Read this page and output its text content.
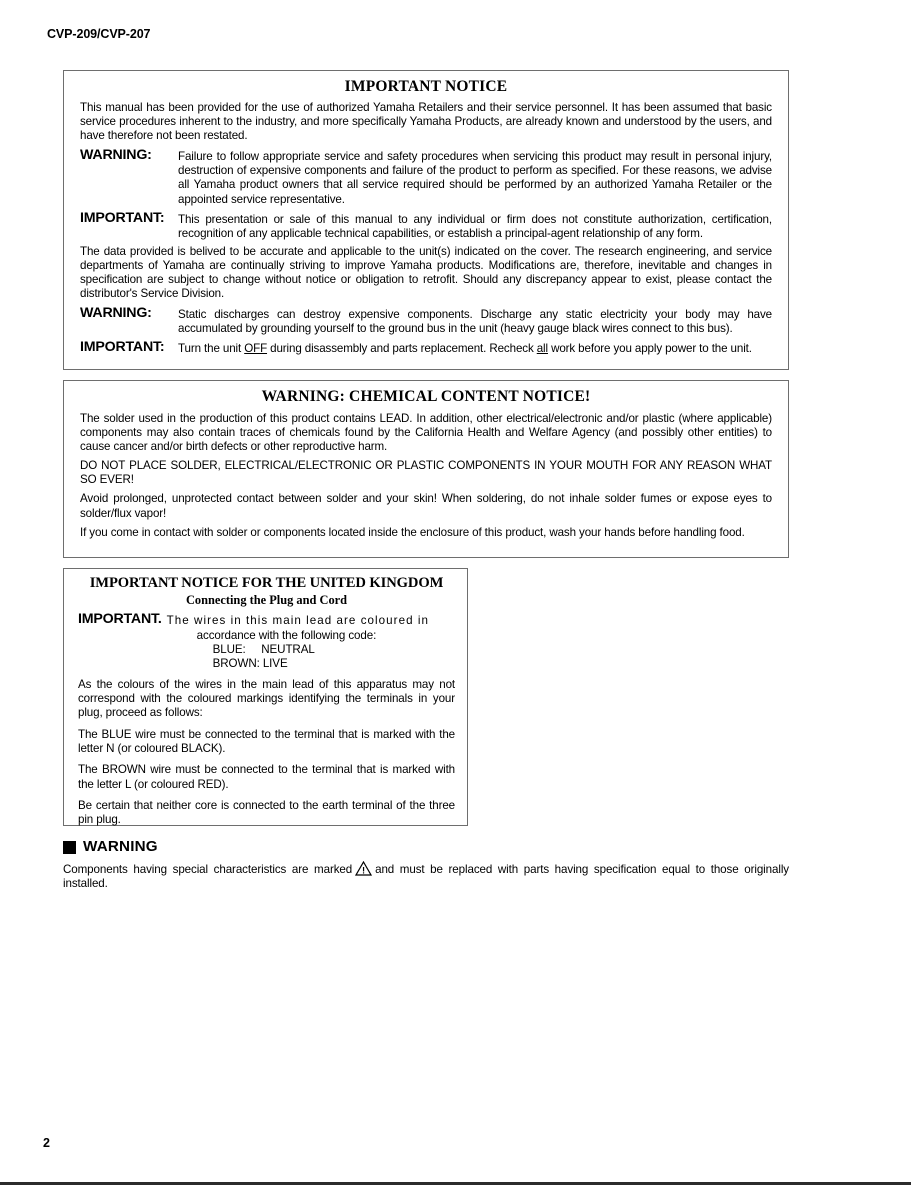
CVP-209/CVP-207
IMPORTANT NOTICE

This manual has been provided for the use of authorized Yamaha Retailers and their service personnel. It has been assumed that basic service procedures inherent to the industry, and more specifically Yamaha Products, are already known and understood by the users, and have therefore not been restated.

WARNING:	Failure to follow appropriate service and safety procedures when servicing this product may result in personal injury, destruction of expensive components and failure of the product to perform as specified. For these reasons, we advise all Yamaha product owners that all service required should be performed by an authorized Yamaha Retailer or the appointed service representative.
IMPORTANT:	This presentation or sale of this manual to any individual or firm does not constitute authorization, certification, recognition of any applicable technical capabilities, or establish a principal-agent relationship of any form.

The data provided is belived to be accurate and applicable to the unit(s) indicated on the cover. The research engineering, and service departments of Yamaha are continually striving to improve Yamaha products. Modifications are, therefore, inevitable and changes in specification are subject to change without notice or obligation to retrofit. Should any discrepancy appear to exist, please contact the distributor's Service Division.

WARNING:	Static discharges can destroy expensive components. Discharge any static electricity your body may have accumulated by grounding yourself to the ground bus in the unit (heavy gauge black wires connect to this bus).
IMPORTANT:	Turn the unit OFF during disassembly and parts replacement. Recheck all work before you apply power to the unit.
WARNING: CHEMICAL CONTENT NOTICE!

The solder used in the production of this product contains LEAD. In addition, other electrical/electronic and/or plastic (where applicable) components may also contain traces of chemicals found by the California Health and Welfare Agency (and possibly other entities) to cause cancer and/or birth defects or other reproductive harm.

DO NOT PLACE SOLDER, ELECTRICAL/ELECTRONIC OR PLASTIC COMPONENTS IN YOUR MOUTH FOR ANY REASON WHAT SO EVER!

Avoid prolonged, unprotected contact between solder and your skin! When soldering, do not inhale solder fumes or expose eyes to solder/flux vapor!

If you come in contact with solder or components located inside the enclosure of this product, wash your hands before handling food.

IMPORTANT NOTICE FOR THE UNITED KINGDOM
Connecting the Plug and Cord
IMPORTANT. The wires in this main lead are coloured in

accordance with the following code:

BLUE:     NEUTRAL

BROWN: LIVE

As the colours of the wires in the main lead of this apparatus may not correspond with the coloured markings identifying the terminals in your plug, proceed as follows:

The BLUE wire must be connected to the terminal that is marked with the letter N (or coloured BLACK).

The BROWN wire must be connected to the terminal that is marked with the letter L (or coloured RED).

Be certain that neither core is connected to the earth terminal of the three pin plug.

WARNING
Components having special characteristics are marked and must be replaced with parts having specification equal to those originally installed.
2
